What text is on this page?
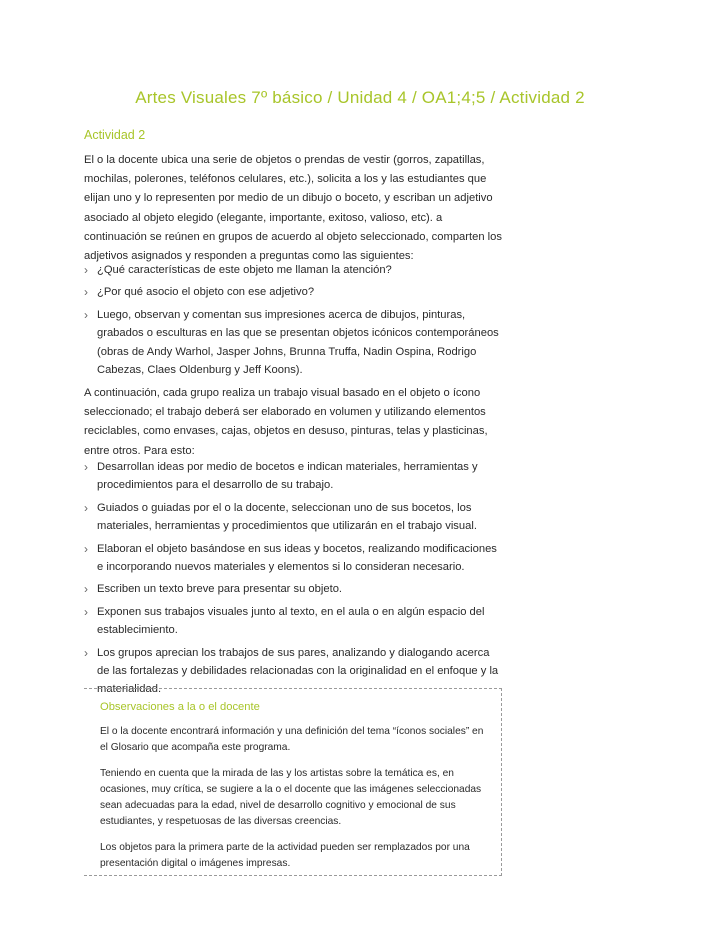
Artes Visuales 7º básico / Unidad 4 / OA1;4;5 / Actividad 2
Actividad 2

El o la docente ubica una serie de objetos o prendas de vestir (gorros, zapatillas, mochilas, polerones, teléfonos celulares, etc.), solicita a los y las estudiantes que elijan uno y lo representen por medio de un dibujo o boceto, y escriban un adjetivo asociado al objeto elegido (elegante, importante, exitoso, valioso, etc). a continuación se reúnen en grupos de acuerdo al objeto seleccionado, comparten los adjetivos asignados y responden a preguntas como las siguientes:

› ¿Qué características de este objeto me llaman la atención?
› ¿Por qué asocio el objeto con ese adjetivo?
› Luego, observan y comentan sus impresiones acerca de dibujos, pinturas, grabados o esculturas en las que se presentan objetos icónicos contemporáneos (obras de Andy Warhol, Jasper Johns, Brunna Truffa, Nadin Ospina, Rodrigo Cabezas, Claes Oldenburg y Jeff Koons).

A continuación, cada grupo realiza un trabajo visual basado en el objeto o ícono seleccionado; el trabajo deberá ser elaborado en volumen y utilizando elementos reciclables, como envases, cajas, objetos en desuso, pinturas, telas y plasticinas, entre otros. Para esto:

› Desarrollan ideas por medio de bocetos e indican materiales, herramientas y procedimientos para el desarrollo de su trabajo.
› Guiados o guiadas por el o la docente, seleccionan uno de sus bocetos, los materiales, herramientas y procedimientos que utilizarán en el trabajo visual.
› Elaboran el objeto basándose en sus ideas y bocetos, realizando modificaciones e incorporando nuevos materiales y elementos si lo consideran necesario.
› Escriben un texto breve para presentar su objeto.
› Exponen sus trabajos visuales junto al texto, en el aula o en algún espacio del establecimiento.
› Los grupos aprecian los trabajos de sus pares, analizando y dialogando acerca de las fortalezas y debilidades relacionadas con la originalidad en el enfoque y la materialidad.
Observaciones a la o el docente

El o la docente encontrará información y una definición del tema “íconos sociales” en el Glosario que acompaña este programa.

Teniendo en cuenta que la mirada de las y los artistas sobre la temática es, en ocasiones, muy crítica, se sugiere a la o el docente que las imágenes seleccionadas sean adecuadas para la edad, nivel de desarrollo cognitivo y emocional de sus estudiantes, y respetuosas de las diversas creencias.

Los objetos para la primera parte de la actividad pueden ser remplazados por una presentación digital o imágenes impresas.
